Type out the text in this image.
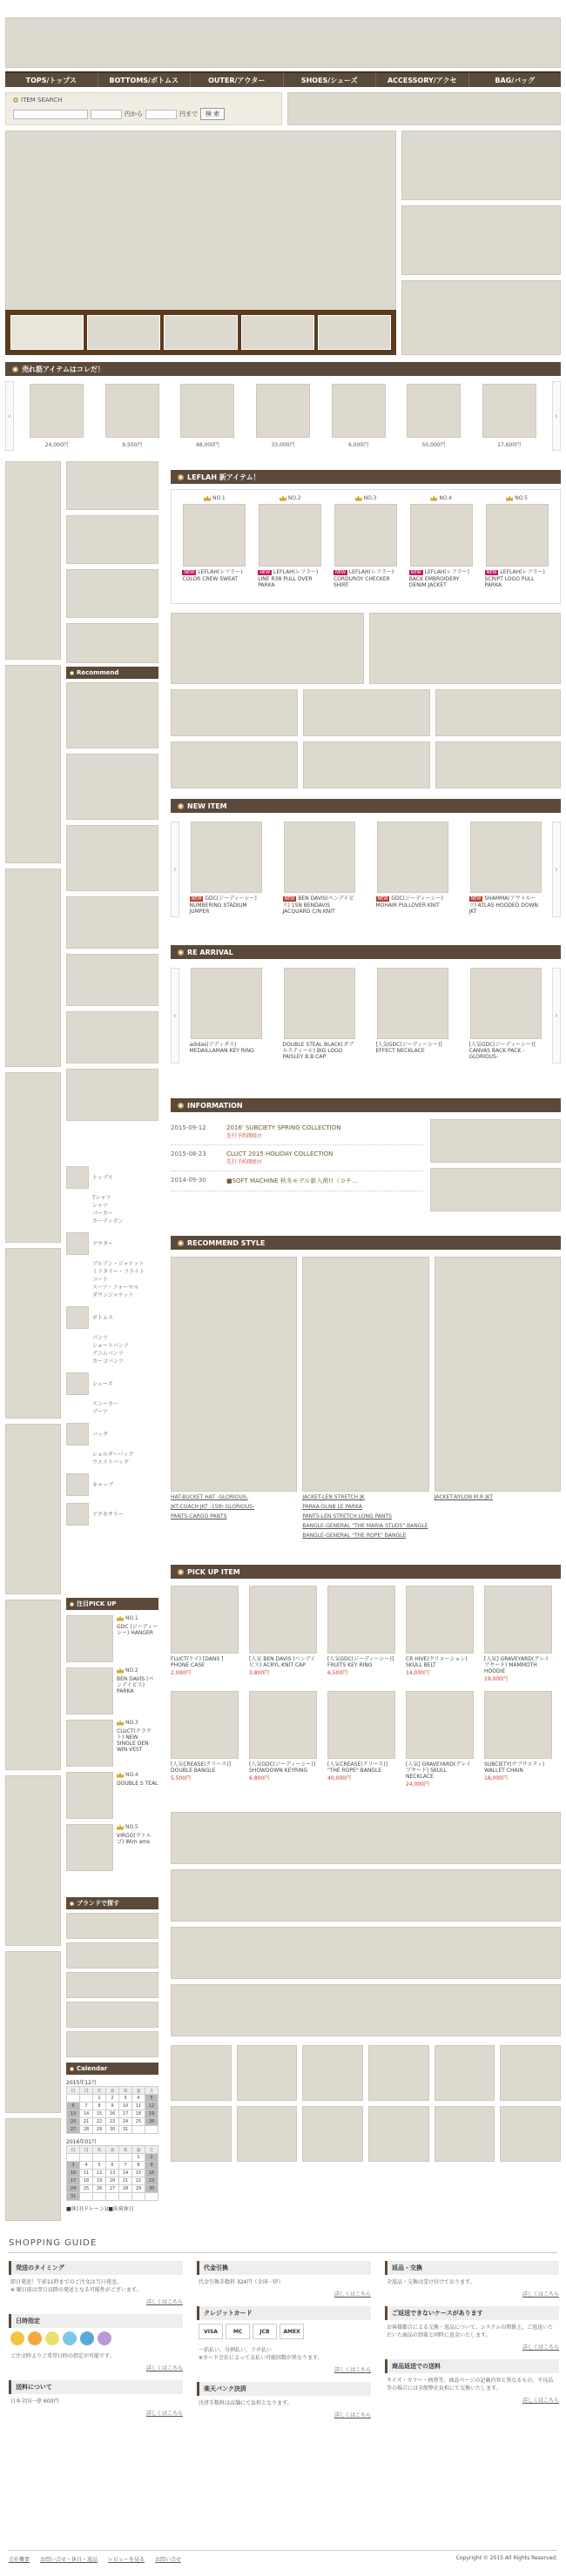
TOPS/トップス	BOTTOMS/ボトムス	OUTER/アウター	SHOES/シューズ	ACCESSORY/アクセ	BAG/バッグ
ITEM SEARCH
円から	円まで	検 索
売れ筋アイテムはコレだ！
‹
24,000円	9,500円	48,000円	33,000円	6,000円	50,000円	17,600円
›
Recommend
トップス
Tシャツ
シャツ
パーカー
カーディガン
アウター
ブルゾン・ジャケット
ミリタリー・フライト
コート
スーツ・フォーマル
ダウンジャケット
ボトムス
パンツ
ショートパンツ
デニムパンツ
カーゴパンツ
シューズ
スニーカー
ブーツ
バッグ
ショルダーバッグ
ウエストバッグ
キャップ
アクセサリー
注目PICK UP
NO.1
GDC (ジーディーシー) HANGER
NO.2
BEN DAVIS (ベンデイビス) PARKA
NO.3
CLUCT(クラクト) NEW SINGLE DEN WIN VEST
NO.4
DOUBLE S TEAL
NO.5
VIRGO(ヴァルゴ) Wim ams
ブランドで探す
Calendar
2015年12月
日	月	火	水	木	金	土
		1	2	3	4	5
6	7	8	9	10	11	12
13	14	15	16	17	18	19
20	21	22	23	24	25	26
27	28	29	30	31		
2016年01月
日	月	火	水	木	金	土
					1	2
3	4	5	6	7	8	9
10	11	12	13	14	15	16
17	18	19	20	21	22	23
24	25	26	27	28	29	30
31						
■休日(ドレーン)/■出荷休日
LEFLAH 新アイテム！
NO.1
NEW LEFLAH(レフラー) COLOR CREW SWEAT
NO.2
NEW LEFLAH(レフラー) LINE R38 PULL OVER PARKA
NO.3
NEW LEFLAH(レフラー) CORDUROY CHECKER SHIRT
NO.4
NEW LEFLAH(レフラー) BACK EMBROIDERY DENIM JACKET
NO.5
NEW LEFLAH(レフラー) SCRIPT LOGO PULL PARKA
NEW ITEM
‹
NEW GDC(ジーディーシー) NUMBERING STADIUM JUMPER
NEW BEN DAVIS(ベンデイビス) 1SN BENDAVIS JACQUARD C/N KNIT
NEW GDC(ジーディーシー) MOHAIR PULLOVER KNIT
NEW SHAMMA(アウトルーツ) ATLAS HOODED DOWN JKT
›
RE ARRIVAL
‹
adidas(アディダス) MEDAILLAMAN KEY RING
DOUBLE STEAL BLACK(ダブルスティール) BIG LOGO PAISLEY B.B CAP
[人気GDC(ジーディーシー)] EFFECT NECKLACE
[人気GDC(ジーディーシー)] CANVAS BACK PACK -GLORIOUS-
›
INFORMATION
2015-09-12	2016' SUBCIETY SPRING COLLECTION
先行予約開始!!
2015-08-23	CLUCT 2015 HOLIDAY COLLECTION
先行予約開始!!
2014-09-30	■SOFT MACHINE 秋冬モデル新入荷!!（コチ...
RECOMMEND STYLE
HAT-BUCKET HAT -GLORIOUS-
JKT-COACH JKT -15th GLORIOUS-
PANTS-CARGO PANTS
JACKET-LEN STRETCH JK
PARKA-GLNB LE PARKA
PANTS-LEN STRETCH LONG PANTS
BANGLE-GENERAL "THE MARIA STUDS" BANGLE
BANGLE-GENERAL "THE ROPE" BANGLE
JACKET-NYLON M.R JKT
PICK UP ITEM
FLUCT(ケイ) [DANS ] PHONE CASE
2,000円
[人気 BEN DAVIS (ベンデイビス) ACRYL KNIT CAP
3,800円
[人気GDC(ジーディーシー)] FRUITS KEY RING
6,500円
CR HIVE(クリエーション) SKULL BELT
14,000円
[人気] GRAVEYARD(グレイブヤード) MAMMOTH HOODIE
19,000円
[人気CREASE(クリース)] DOUBLE BANGLE
5,500円
[人気GDC(ジーディーシー)] SHOWDOWN KEYRING
6,800円
[人気CREASE(クリース)] "THE ROPE" BANGLE
40,000円
[人気] GRAVEYARD(グレイブヤード) SKULL NECKLACE
24,000円
SUBCIETY(サブサエティ) WALLET CHAIN
18,000円
SHOPPING GUIDE
発送のタイミング
即日発送！午前11時までのご注文は当日発送。
※ 曜日前は翌日以降の発送となる可能性がございます。
詳しくはこちら
日時指定
ご注文時よりご希望日時の指定が可能です。
詳しくはこちら
送料について
日本全国一律 600円
詳しくはこちら
代金引換
代金引換手数料 324円（全国一律）
詳しくはこちら
クレジットカード
VISA	MC	JCB	AMEX
一括払い、分割払い、リボ払い
※カード会社によって支払い可能回数が異なります。
詳しくはこちら
楽天バンク決済
決済手数料は店舗にて負担となります。
詳しくはこちら
返品・交換
全返品・交換は受け付けております。
詳しくはこちら
ご返送できないケースがあります
お客様都合による交換・返品について、システムの関係上、ご返送いただいた商品の到着と同時に返金いたします。
詳しくはこちら
商品返送での送料
サイズ・カラー・柄替等、商品ページの記載内容と異なるもの、不良品等の場合には全額弊社負担にて交換いたします。
詳しくはこちら
会社概要 お問い合せ・休日・返品 レビューを見る お問い合せ	Copyright © 2015 All Rights Reserved.
